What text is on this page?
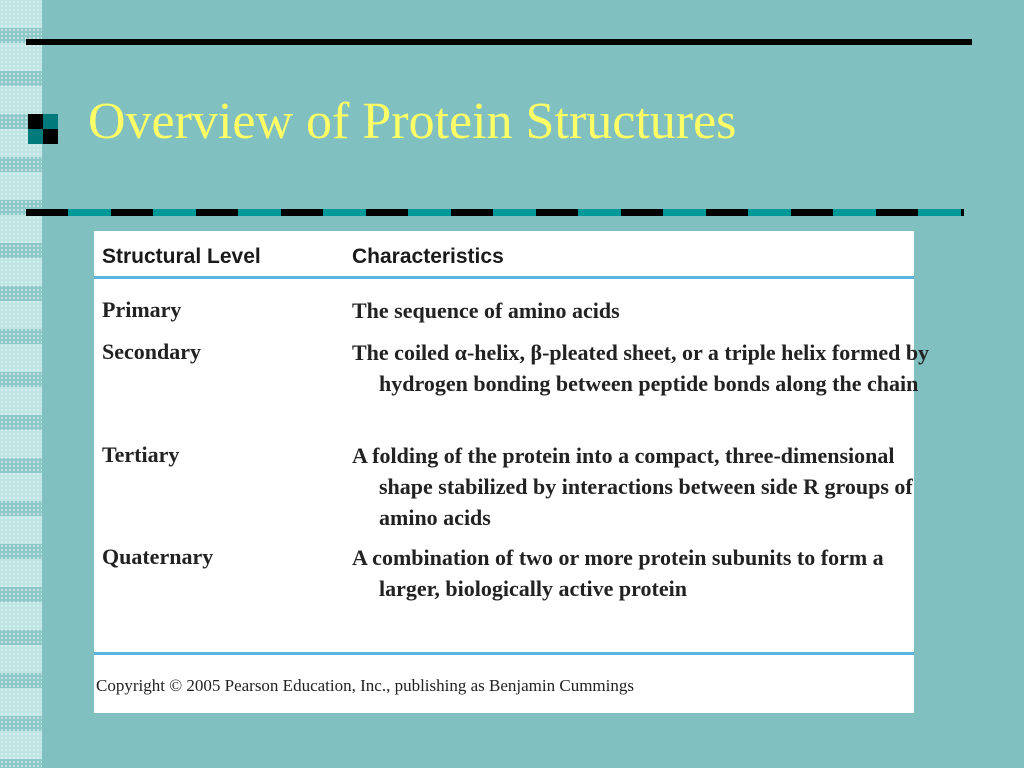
Overview of Protein Structures
Structural Level	Characteristics
Primary	The sequence of amino acids
Secondary	The coiled α-helix, β-pleated sheet, or a triple helix formed by hydrogen bonding between peptide bonds along the chain
Tertiary	A folding of the protein into a compact, three-dimensional shape stabilized by interactions between side R groups of amino acids
Quaternary	A combination of two or more protein subunits to form a larger, biologically active protein
Copyright © 2005 Pearson Education, Inc., publishing as Benjamin Cummings
